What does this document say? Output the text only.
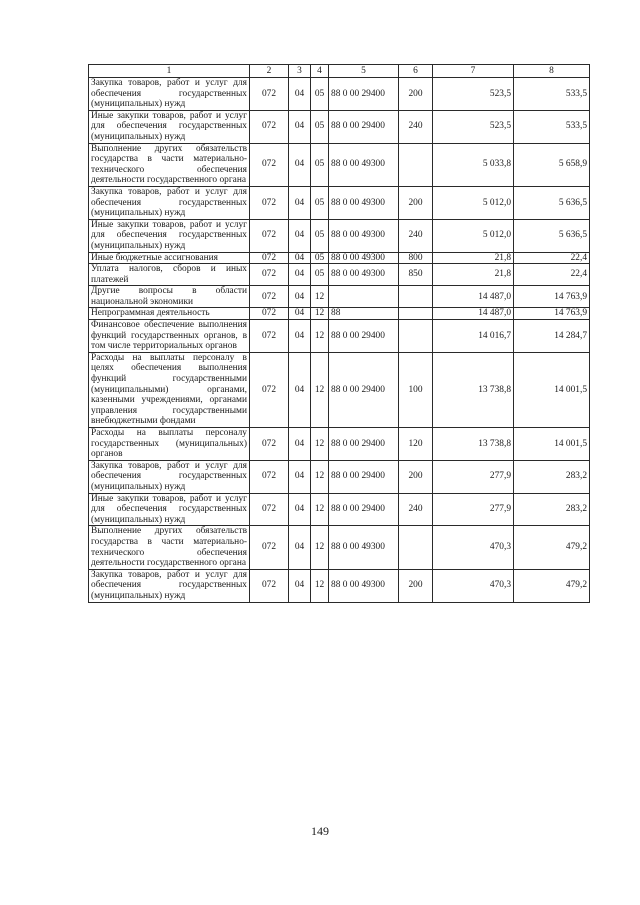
1	2	3	4	5	6	7	8
Закупка товаров, работ и услуг для обеспечения государственных (муниципальных) нужд	072	04	05	88 0 00 29400	200	523,5	533,5
Иные закупки товаров, работ и услуг для обеспечения государственных (муниципальных) нужд	072	04	05	88 0 00 29400	240	523,5	533,5
Выполнение других обязательств государства в части материально-технического обеспечения деятельности государственного органа	072	04	05	88 0 00 49300		5 033,8	5 658,9
Закупка товаров, работ и услуг для обеспечения государственных (муниципальных) нужд	072	04	05	88 0 00 49300	200	5 012,0	5 636,5
Иные закупки товаров, работ и услуг для обеспечения государственных (муниципальных) нужд	072	04	05	88 0 00 49300	240	5 012,0	5 636,5
Иные бюджетные ассигнования	072	04	05	88 0 00 49300	800	21,8	22,4
Уплата налогов, сборов и иных платежей	072	04	05	88 0 00 49300	850	21,8	22,4
Другие вопросы в области национальной экономики	072	04	12			14 487,0	14 763,9
Непрограммная деятельность	072	04	12	88		14 487,0	14 763,9
Финансовое обеспечение выполнения функций государственных органов, в том числе территориальных органов	072	04	12	88 0 00 29400		14 016,7	14 284,7
Расходы на выплаты персоналу в целях обеспечения выполнения функций государственными (муниципальными) органами, казенными учреждениями, органами управления государственными внебюджетными фондами	072	04	12	88 0 00 29400	100	13 738,8	14 001,5
Расходы на выплаты персоналу государственных (муниципальных) органов	072	04	12	88 0 00 29400	120	13 738,8	14 001,5
Закупка товаров, работ и услуг для обеспечения государственных (муниципальных) нужд	072	04	12	88 0 00 29400	200	277,9	283,2
Иные закупки товаров, работ и услуг для обеспечения государственных (муниципальных) нужд	072	04	12	88 0 00 29400	240	277,9	283,2
Выполнение других обязательств государства в части материально-технического обеспечения деятельности государственного органа	072	04	12	88 0 00 49300		470,3	479,2
Закупка товаров, работ и услуг для обеспечения государственных (муниципальных) нужд	072	04	12	88 0 00 49300	200	470,3	479,2
149
